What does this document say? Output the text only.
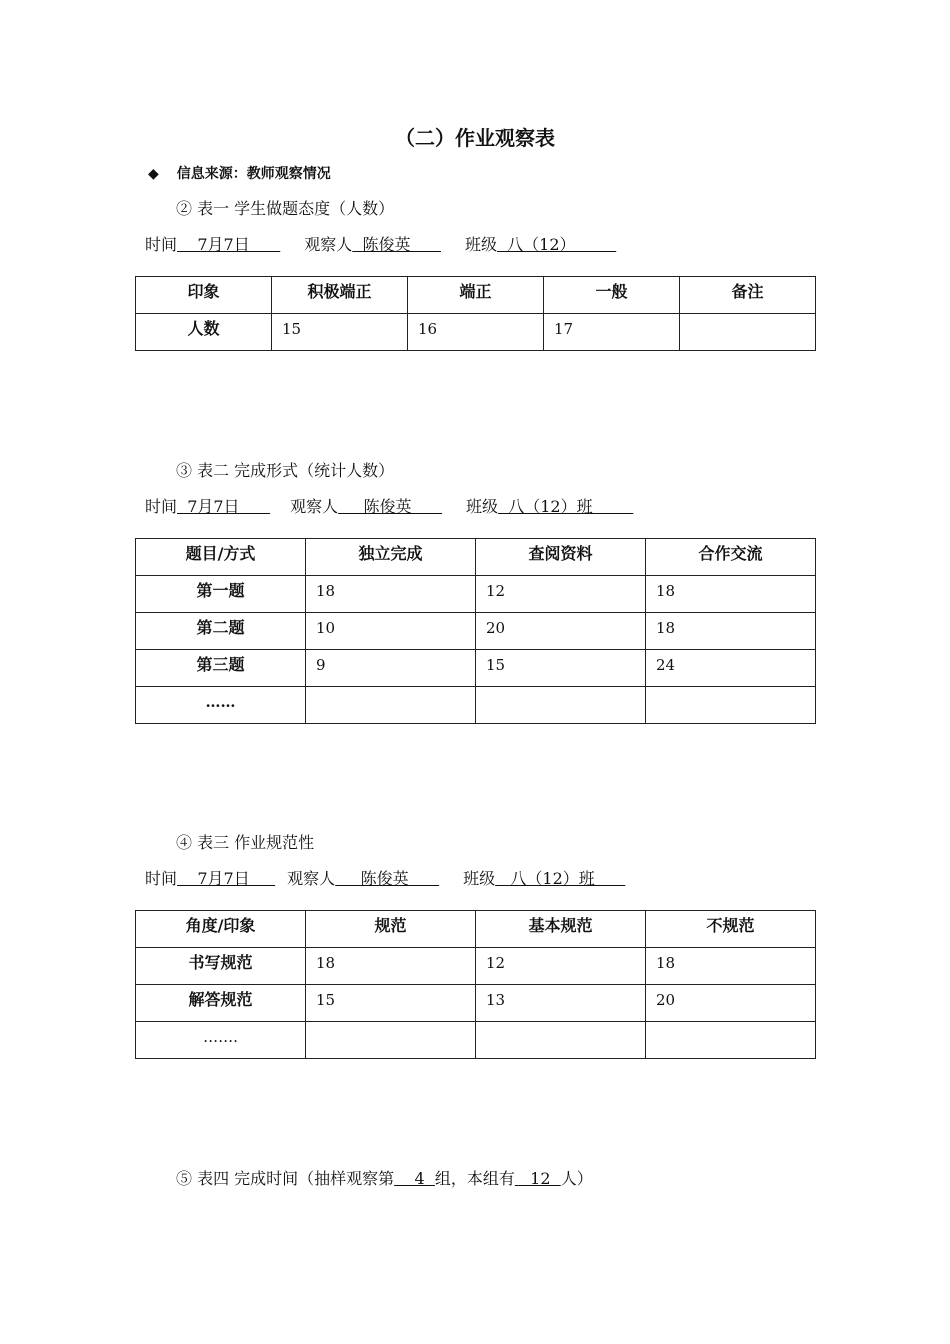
（二）作业观察表
◆ 信息来源：教师观察情况
② 表一 学生做题态度（人数）
时间    7月7日      观察人  陈俊英      班级  八（12）
印象	积极端正	端正	一般	备注
人数	15	16	17	
③ 表二 完成形式（统计人数）
时间  7月7日      观察人     陈俊英      班级  八（12）班
题目/方式	独立完成	查阅资料	合作交流
第一题	18	12	18
第二题	10	20	18
第三题	9	15	24
……			
④ 表三 作业规范性
时间    7月7日     观察人     陈俊英      班级   八（12）班
角度/印象	规范	基本规范	不规范
书写规范	18	12	18
解答规范	15	13	20
…….			
⑤ 表四 完成时间（抽样观察第    4  组，本组有   12  人）
